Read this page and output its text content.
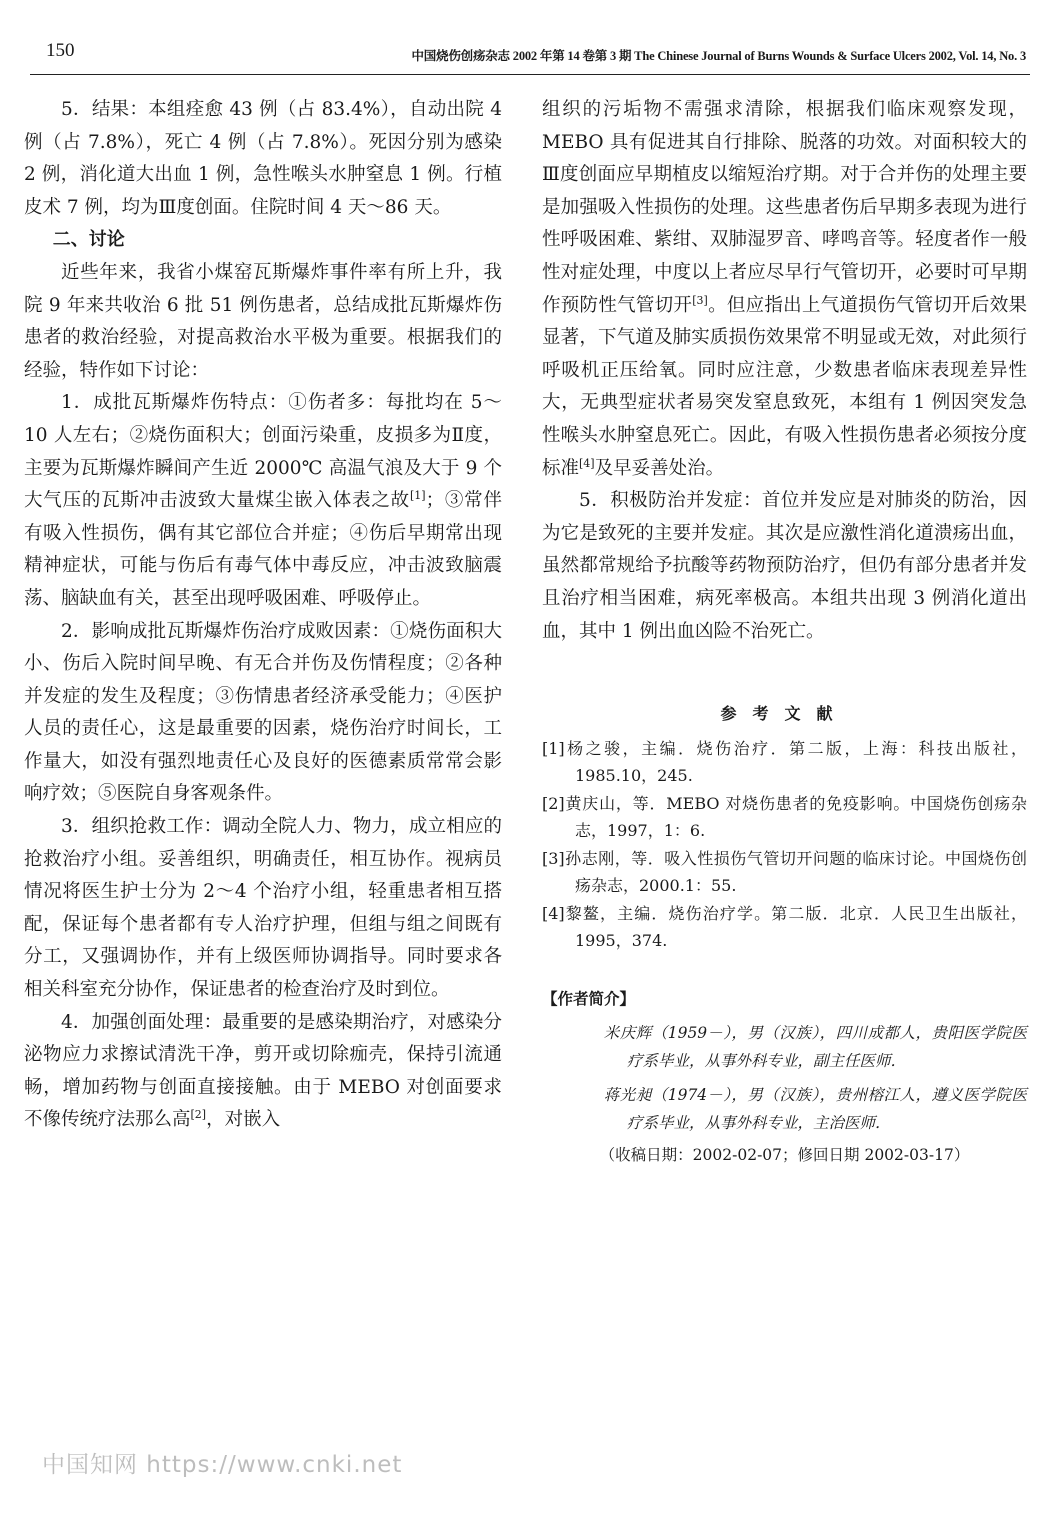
150	中国烧伤创疡杂志 2002 年第 14 卷第 3 期 The Chinese Journal of Burns Wounds & Surface Ulcers 2002, Vol. 14, No. 3

5．结果：本组痊愈 43 例（占 83.4%），自动出院 4 例（占 7.8%），死亡 4 例（占 7.8%）。死因分别为感染 2 例，消化道大出血 1 例，急性喉头水肿窒息 1 例。行植皮术 7 例，均为Ⅲ度创面。住院时间 4 天～86 天。

二、讨论

近些年来，我省小煤窑瓦斯爆炸事件率有所上升，我院 9 年来共收治 6 批 51 例伤患者，总结成批瓦斯爆炸伤患者的救治经验，对提高救治水平极为重要。根据我们的经验，特作如下讨论：

1．成批瓦斯爆炸伤特点：①伤者多：每批均在 5～10 人左右；②烧伤面积大；创面污染重，皮损多为Ⅱ度，主要为瓦斯爆炸瞬间产生近 2000℃ 高温气浪及大于 9 个大气压的瓦斯冲击波致大量煤尘嵌入体表之故[1]；③常伴有吸入性损伤，偶有其它部位合并症；④伤后早期常出现精神症状，可能与伤后有毒气体中毒反应，冲击波致脑震荡、脑缺血有关，甚至出现呼吸困难、呼吸停止。

2．影响成批瓦斯爆炸伤治疗成败因素：①烧伤面积大小、伤后入院时间早晚、有无合并伤及伤情程度；②各种并发症的发生及程度；③伤情患者经济承受能力；④医护人员的责任心，这是最重要的因素，烧伤治疗时间长，工作量大，如没有强烈地责任心及良好的医德素质常常会影响疗效；⑤医院自身客观条件。

3．组织抢救工作：调动全院人力、物力，成立相应的抢救治疗小组。妥善组织，明确责任，相互协作。视病员情况将医生护士分为 2～4 个治疗小组，轻重患者相互搭配，保证每个患者都有专人治疗护理，但组与组之间既有分工，又强调协作，并有上级医师协调指导。同时要求各相关科室充分协作，保证患者的检查治疗及时到位。

4．加强创面处理：最重要的是感染期治疗，对感染分泌物应力求擦试清洗干净，剪开或切除痂壳，保持引流通畅，增加药物与创面直接接触。由于 MEBO 对创面要求不像传统疗法那么高[2]，对嵌入

组织的污垢物不需强求清除，根据我们临床观察发现，MEBO 具有促进其自行排除、脱落的功效。对面积较大的Ⅲ度创面应早期植皮以缩短治疗期。对于合并伤的处理主要是加强吸入性损伤的处理。这些患者伤后早期多表现为进行性呼吸困难、紫绀、双肺湿罗音、哮鸣音等。轻度者作一般性对症处理，中度以上者应尽早行气管切开，必要时可早期作预防性气管切开[3]。但应指出上气道损伤气管切开后效果显著，下气道及肺实质损伤效果常不明显或无效，对此须行呼吸机正压给氧。同时应注意，少数患者临床表现差异性大，无典型症状者易突发窒息致死，本组有 1 例因突发急性喉头水肿窒息死亡。因此，有吸入性损伤患者必须按分度标准[4]及早妥善处治。

5．积极防治并发症：首位并发应是对肺炎的防治，因为它是致死的主要并发症。其次是应激性消化道溃疡出血，虽然都常规给予抗酸等药物预防治疗，但仍有部分患者并发且治疗相当困难，病死率极高。本组共出现 3 例消化道出血，其中 1 例出血凶险不治死亡。

参考文献

[1]杨之骏，主编．烧伤治疗．第二版，上海：科技出版社，1985.10，245.

[2]黄庆山，等．MEBO 对烧伤患者的免疫影响。中国烧伤创疡杂志，1997，1：6.

[3]孙志刚，等．吸入性损伤气管切开问题的临床讨论。中国烧伤创疡杂志，2000.1：55.

[4]黎鳌，主编．烧伤治疗学。第二版．北京．人民卫生出版社，1995，374.

【作者简介】

米庆辉（1959－），男（汉族），四川成都人，贵阳医学院医疗系毕业，从事外科专业，副主任医师．

蒋光昶（1974－），男（汉族），贵州榕江人，遵义医学院医疗系毕业，从事外科专业，主治医师．

（收稿日期：2002-02-07；修回日期 2002-03-17）

中国知网 https://www.cnki.net
